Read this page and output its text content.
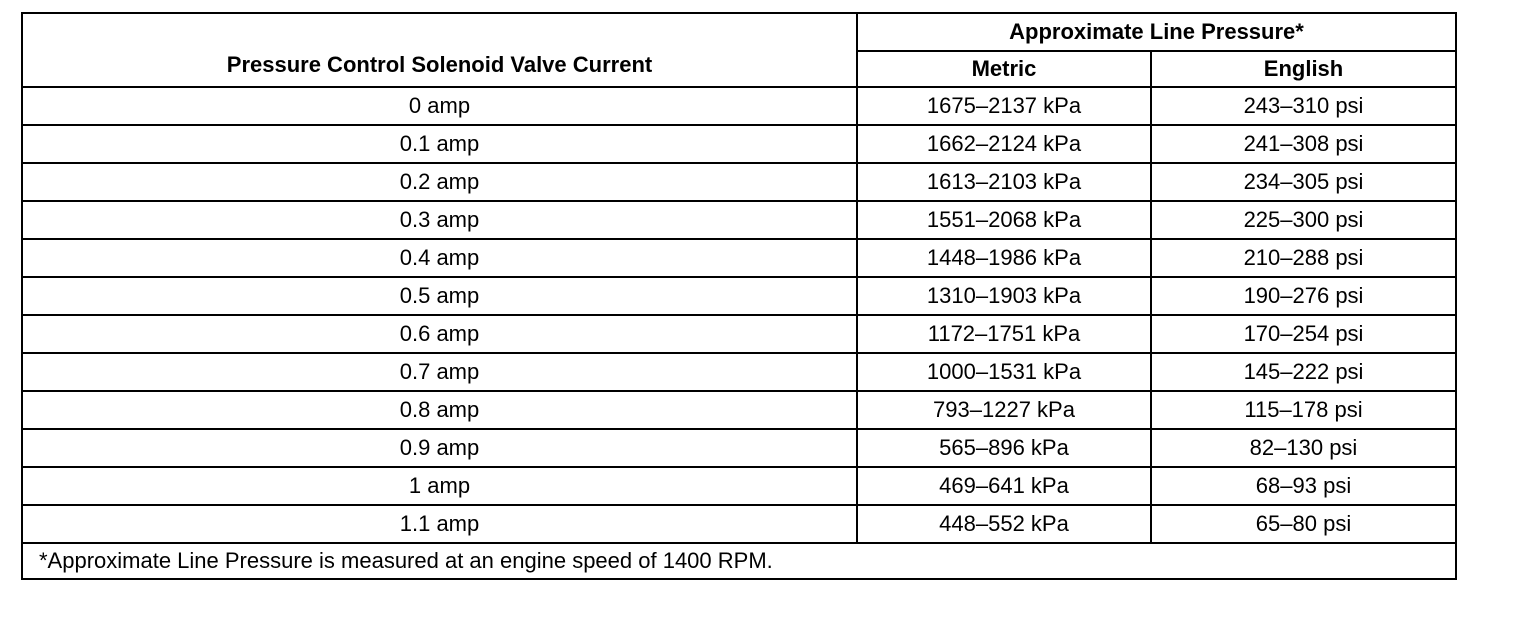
Pressure Control Solenoid Valve Current	Approximate Line Pressure*	
	Metric	English
0 amp	1675–2137 kPa	243–310 psi
0.1 amp	1662–2124 kPa	241–308 psi
0.2 amp	1613–2103 kPa	234–305 psi
0.3 amp	1551–2068 kPa	225–300 psi
0.4 amp	1448–1986 kPa	210–288 psi
0.5 amp	1310–1903 kPa	190–276 psi
0.6 amp	1172–1751 kPa	170–254 psi
0.7 amp	1000–1531 kPa	145–222 psi
0.8 amp	793–1227 kPa	115–178 psi
0.9 amp	565–896 kPa	82–130 psi
1 amp	469–641 kPa	68–93 psi
1.1 amp	448–552 kPa	65–80 psi
*Approximate Line Pressure is measured at an engine speed of 1400 RPM.		
